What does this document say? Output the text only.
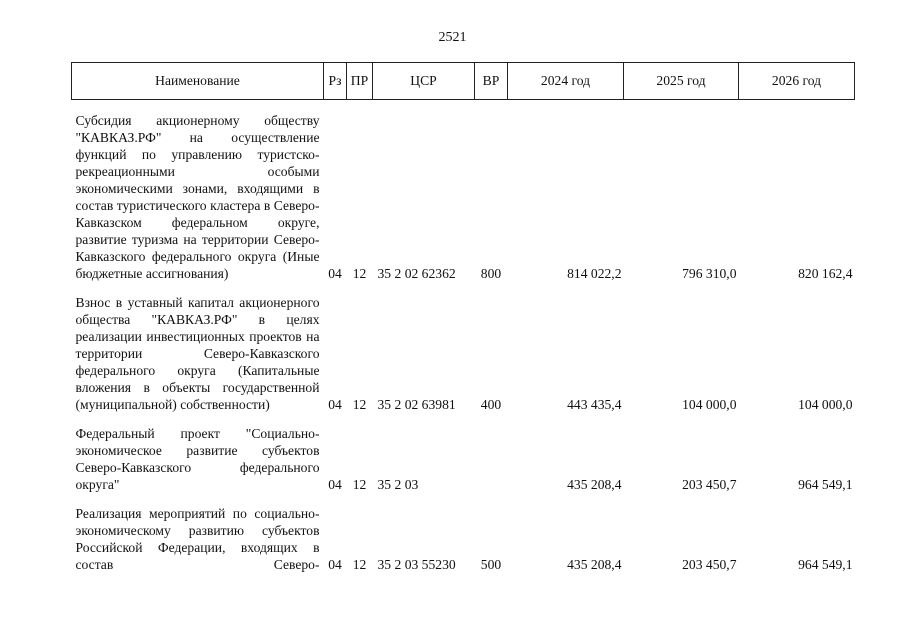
2521
Наименование	Рз	ПР	ЦСР	ВР	2024 год	2025 год	2026 год
Субсидия акционерному обществу "КАВКАЗ.РФ" на осуществление функций по управлению туристско-рекреационными особыми экономическими зонами, входящими в состав туристического кластера в Северо-Кавказском федеральном округе, развитие туризма на территории Северо-Кавказского федерального округа (Иные бюджетные ассигнования)	04	12	35 2 02 62362	800	814 022,2	796 310,0	820 162,4
Взнос в уставный капитал акционерного общества "КАВКАЗ.РФ" в целях реализации инвестиционных проектов на территории Северо-Кавказского федерального округа (Капитальные вложения в объекты государственной (муниципальной) собственности)	04	12	35 2 02 63981	400	443 435,4	104 000,0	104 000,0
Федеральный проект "Социально-экономическое развитие субъектов Северо-Кавказского федерального округа"	04	12	35 2 03		435 208,4	203 450,7	964 549,1
Реализация мероприятий по социально-экономическому развитию субъектов Российской Федерации, входящих в состав Северо-	04	12	35 2 03 55230	500	435 208,4	203 450,7	964 549,1
